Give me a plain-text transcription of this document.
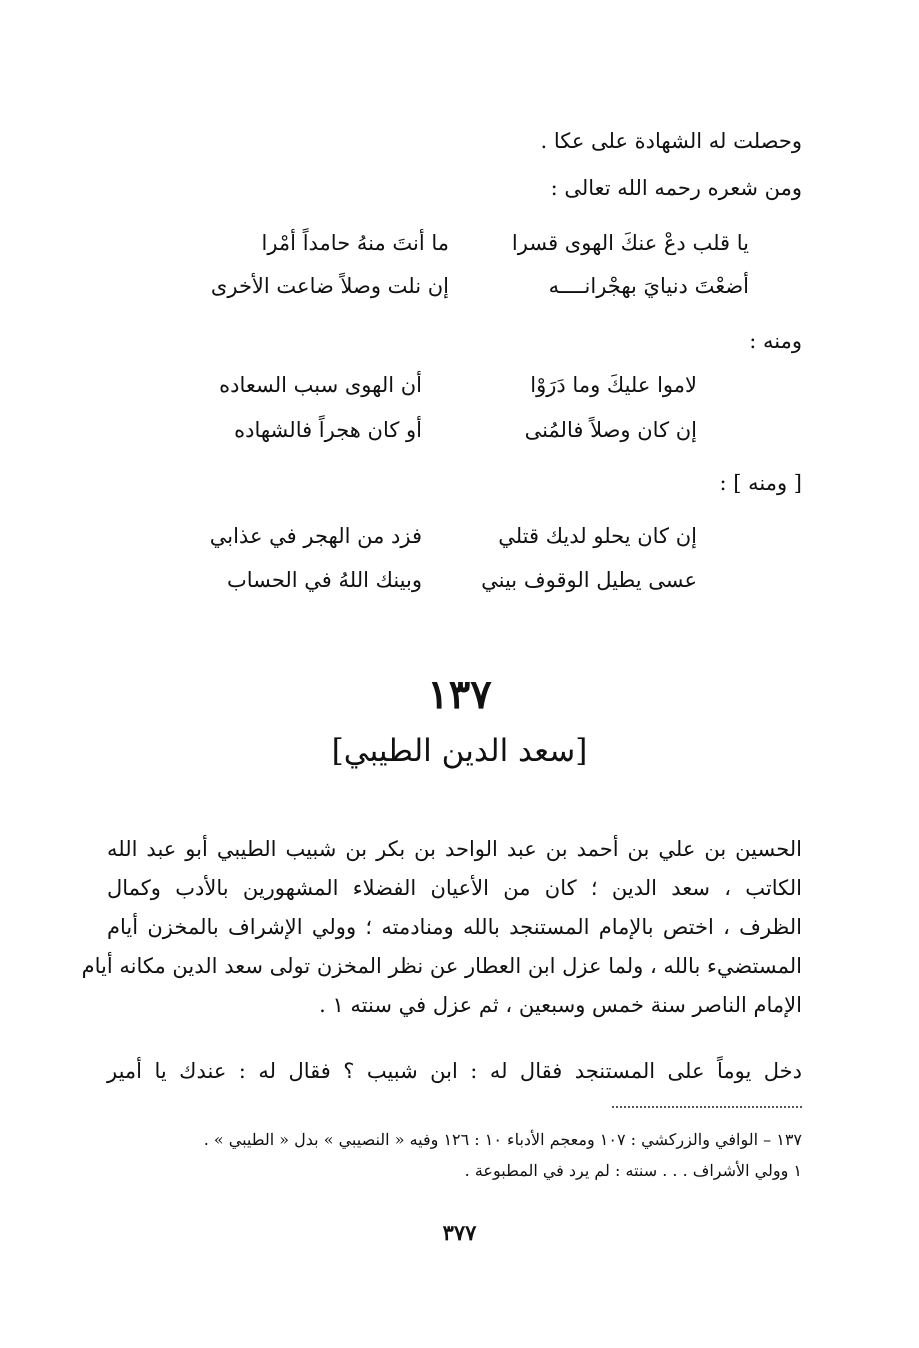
وحصلت له الشهادة على عكا .
ومن شعره رحمه الله تعالى :
يا قلب دعْ عنكَ الهوى قسرا
ما أنتَ منهُ حامداً أمْرا
أضعْتَ دنيايَ بهجْرانــــه
إن نلت وصلاً ضاعت الأخرى
ومنه :
لاموا عليكَ وما دَرَوْا
أن الهوى سبب السعاده
إن كان وصلاً فالمُنى
أو كان هجراً فالشهاده
[ ومنه ] :
إن كان يحلو لديك قتلي
فزد من الهجر في عذابي
عسى يطيل الوقوف بيني
وبينك اللهُ في الحساب
١٣٧
[سعد الدين الطيبي]
الحسين بن علي بن أحمد بن عبد الواحد بن بكر بن شبيب الطيبي أبو عبد الله
الكاتب ، سعد الدين ؛ كان من الأعيان الفضلاء المشهورين بالأدب وكمال
الظرف ، اختص بالإمام المستنجد بالله ومنادمته ؛ وولي الإشراف بالمخزن أيام
المستضيء بالله ، ولما عزل ابن العطار عن نظر المخزن تولى سعد الدين مكانه أيام
الإمام الناصر سنة خمس وسبعين ، ثم عزل في سنته ١ .
دخل يوماً على المستنجد فقال له : ابن شبيب ؟ فقال له : عندك يا أمير
١٣٧ – الوافي والزركشي : ١٠٧ ومعجم الأدباء ١٠ : ١٢٦ وفيه « النصيبي » بدل « الطيبي » .
١ وولي الأشراف . . . سنته : لم يرد في المطبوعة .
٣٧٧
